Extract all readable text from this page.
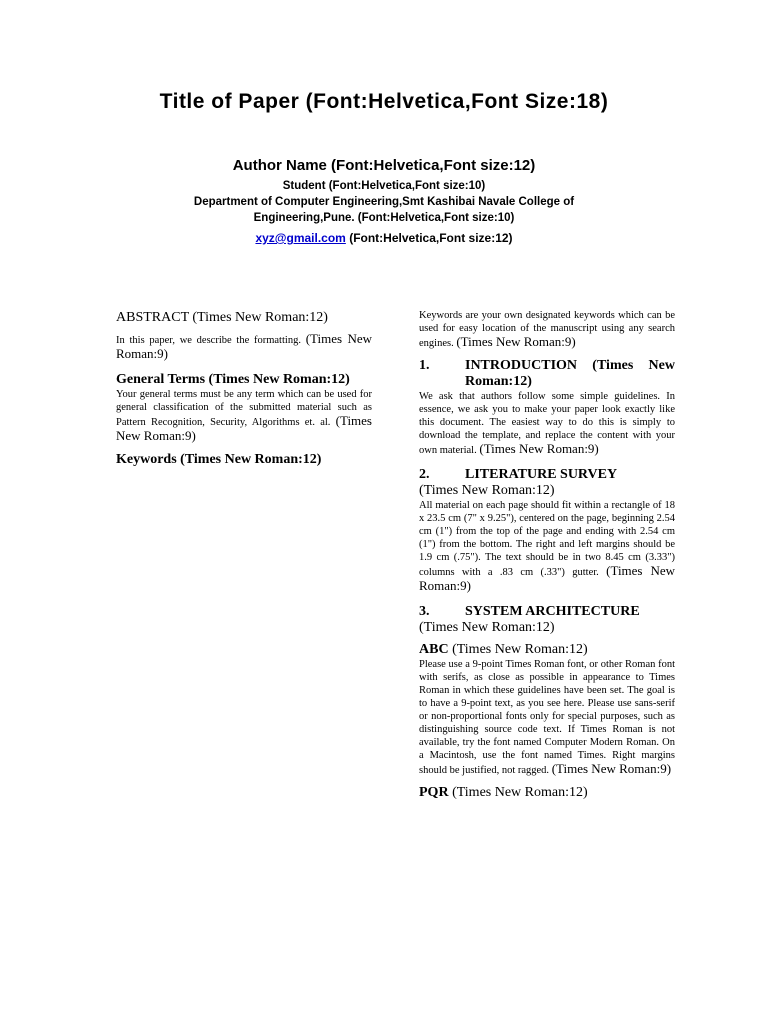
Title of Paper (Font:Helvetica,Font Size:18)

Author Name (Font:Helvetica,Font size:12)

Student (Font:Helvetica,Font size:10)

Department of Computer Engineering,Smt Kashibai Navale College of

Engineering,Pune. (Font:Helvetica,Font size:10)

xyz@gmail.com (Font:Helvetica,Font size:12)

ABSTRACT (Times New Roman:12)

In this paper, we describe the formatting. (Times New Roman:9)

General Terms (Times New Roman:12)

Your general terms must be any term which can be used for general classification of the submitted material such as Pattern Recognition, Security, Algorithms et. al. (Times New Roman:9)

Keywords (Times New Roman:12)

Keywords are your own designated keywords which can be used for easy location of the manuscript using any search engines. (Times New Roman:9)

1.	INTRODUCTION (Times New Roman:12)

We ask that authors follow some simple guidelines. In essence, we ask you to make your paper look exactly like this document. The easiest way to do this is simply to download the template, and replace the content with your own material. (Times New Roman:9)

2.	LITERATURE SURVEY

(Times New Roman:12)

All material on each page should fit within a rectangle of 18 x 23.5 cm (7" x 9.25"), centered on the page, beginning 2.54 cm (1") from the top of the page and ending with 2.54 cm (1") from the bottom. The right and left margins should be 1.9 cm (.75"). The text should be in two 8.45 cm (3.33") columns with a .83 cm (.33") gutter. (Times New Roman:9)

3.	SYSTEM ARCHITECTURE

(Times New Roman:12)

ABC (Times New Roman:12)

Please use a 9-point Times Roman font, or other Roman font with serifs, as close as possible in appearance to Times Roman in which these guidelines have been set. The goal is to have a 9-point text, as you see here. Please use sans-serif or non-proportional fonts only for special purposes, such as distinguishing source code text. If Times Roman is not available, try the font named Computer Modern Roman. On a Macintosh, use the font named Times. Right margins should be justified, not ragged. (Times New Roman:9)

PQR (Times New Roman:12)
